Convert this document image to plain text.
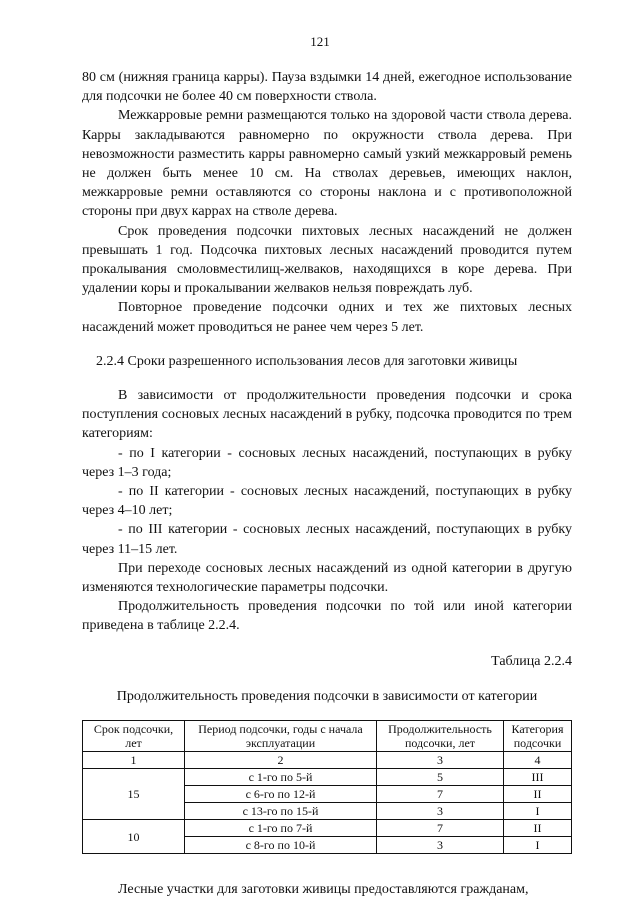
121

80 см (нижняя граница карры). Пауза вздымки 14 дней, ежегодное использование для подсочки не более 40 см поверхности ствола.

Межкарровые ремни размещаются только на здоровой части ствола дерева. Карры закладываются равномерно по окружности ствола дерева. При невозможности разместить карры равномерно самый узкий межкарровый ремень не должен быть менее 10 см. На стволах деревьев, имеющих наклон, межкарровые ремни оставляются со стороны наклона и с противоположной стороны при двух каррах на стволе дерева.

Срок проведения подсочки пихтовых лесных насаждений не должен превышать 1 год. Подсочка пихтовых лесных насаждений проводится путем прокалывания смоловместилищ-желваков, находящихся в коре дерева. При удалении коры и прокалывании желваков нельзя повреждать луб.

Повторное проведение подсочки одних и тех же пихтовых лесных насаждений может проводиться не ранее чем через 5 лет.

2.2.4 Сроки разрешенного использования лесов для заготовки живицы

В зависимости от продолжительности проведения подсочки и срока поступления сосновых лесных насаждений в рубку, подсочка проводится по трем категориям:

- по I категории - сосновых лесных насаждений, поступающих в рубку через 1–3 года;

- по II категории - сосновых лесных насаждений, поступающих в рубку через 4–10 лет;

- по III категории - сосновых лесных насаждений, поступающих в рубку через 11–15 лет.

При переходе сосновых лесных насаждений из одной категории в другую изменяются технологические параметры подсочки.

Продолжительность проведения подсочки по той или иной категории приведена в таблице 2.2.4.

Таблица 2.2.4

Продолжительность проведения подсочки в зависимости от категории

Срок подсочки, лет	Период подсочки, годы с начала эксплуатации	Продолжительность подсочки, лет	Категория подсочки
1	2	3	4
15	с 1-го по 5-й	5	III
	с 6-го по 12-й	7	II
	с 13-го по 15-й	3	I
10	с 1-го по 7-й	7	II
	с 8-го по 10-й	3	I

Лесные участки для заготовки живицы предоставляются гражданам,
